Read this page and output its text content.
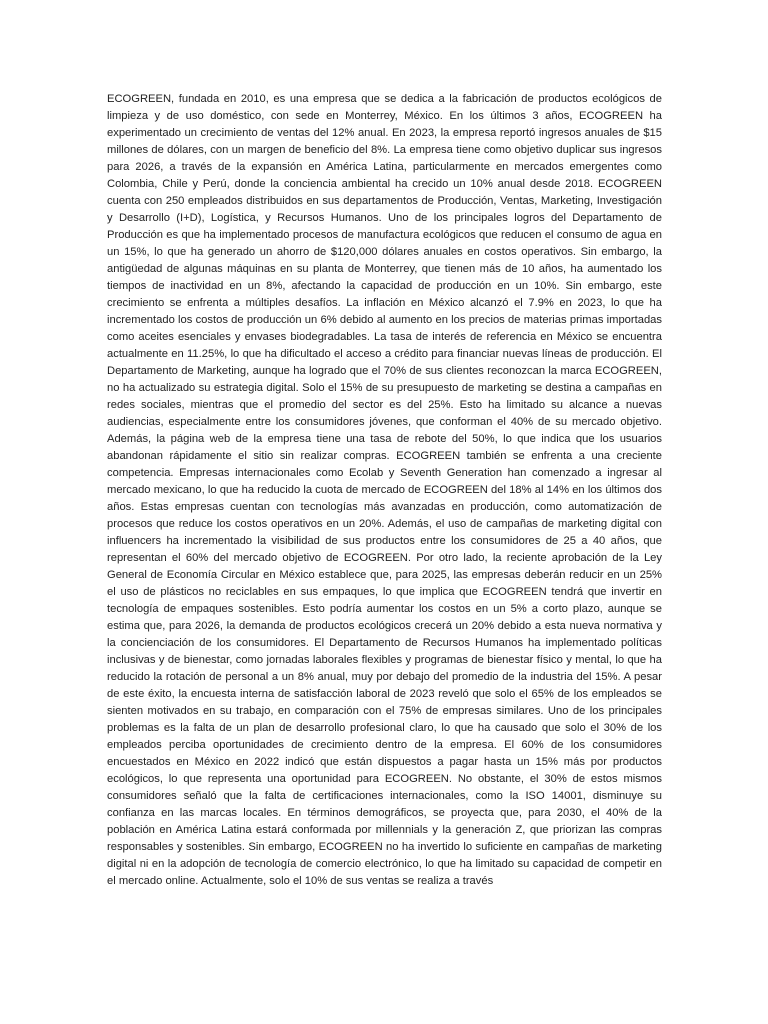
ECOGREEN, fundada en 2010, es una empresa que se dedica a la fabricación de productos ecológicos de limpieza y de uso doméstico, con sede en Monterrey, México. En los últimos 3 años, ECOGREEN ha experimentado un crecimiento de ventas del 12% anual. En 2023, la empresa reportó ingresos anuales de $15 millones de dólares, con un margen de beneficio del 8%. La empresa tiene como objetivo duplicar sus ingresos para 2026, a través de la expansión en América Latina, particularmente en mercados emergentes como Colombia, Chile y Perú, donde la conciencia ambiental ha crecido un 10% anual desde 2018. ECOGREEN cuenta con 250 empleados distribuidos en sus departamentos de Producción, Ventas, Marketing, Investigación y Desarrollo (I+D), Logística, y Recursos Humanos. Uno de los principales logros del Departamento de Producción es que ha implementado procesos de manufactura ecológicos que reducen el consumo de agua en un 15%, lo que ha generado un ahorro de $120,000 dólares anuales en costos operativos. Sin embargo, la antigüedad de algunas máquinas en su planta de Monterrey, que tienen más de 10 años, ha aumentado los tiempos de inactividad en un 8%, afectando la capacidad de producción en un 10%. Sin embargo, este crecimiento se enfrenta a múltiples desafíos. La inflación en México alcanzó el 7.9% en 2023, lo que ha incrementado los costos de producción un 6% debido al aumento en los precios de materias primas importadas como aceites esenciales y envases biodegradables. La tasa de interés de referencia en México se encuentra actualmente en 11.25%, lo que ha dificultado el acceso a crédito para financiar nuevas líneas de producción. El Departamento de Marketing, aunque ha logrado que el 70% de sus clientes reconozcan la marca ECOGREEN, no ha actualizado su estrategia digital. Solo el 15% de su presupuesto de marketing se destina a campañas en redes sociales, mientras que el promedio del sector es del 25%. Esto ha limitado su alcance a nuevas audiencias, especialmente entre los consumidores jóvenes, que conforman el 40% de su mercado objetivo. Además, la página web de la empresa tiene una tasa de rebote del 50%, lo que indica que los usuarios abandonan rápidamente el sitio sin realizar compras. ECOGREEN también se enfrenta a una creciente competencia. Empresas internacionales como Ecolab y Seventh Generation han comenzado a ingresar al mercado mexicano, lo que ha reducido la cuota de mercado de ECOGREEN del 18% al 14% en los últimos dos años. Estas empresas cuentan con tecnologías más avanzadas en producción, como automatización de procesos que reduce los costos operativos en un 20%. Además, el uso de campañas de marketing digital con influencers ha incrementado la visibilidad de sus productos entre los consumidores de 25 a 40 años, que representan el 60% del mercado objetivo de ECOGREEN. Por otro lado, la reciente aprobación de la Ley General de Economía Circular en México establece que, para 2025, las empresas deberán reducir en un 25% el uso de plásticos no reciclables en sus empaques, lo que implica que ECOGREEN tendrá que invertir en tecnología de empaques sostenibles. Esto podría aumentar los costos en un 5% a corto plazo, aunque se estima que, para 2026, la demanda de productos ecológicos crecerá un 20% debido a esta nueva normativa y la concienciación de los consumidores. El Departamento de Recursos Humanos ha implementado políticas inclusivas y de bienestar, como jornadas laborales flexibles y programas de bienestar físico y mental, lo que ha reducido la rotación de personal a un 8% anual, muy por debajo del promedio de la industria del 15%. A pesar de este éxito, la encuesta interna de satisfacción laboral de 2023 reveló que solo el 65% de los empleados se sienten motivados en su trabajo, en comparación con el 75% de empresas similares. Uno de los principales problemas es la falta de un plan de desarrollo profesional claro, lo que ha causado que solo el 30% de los empleados perciba oportunidades de crecimiento dentro de la empresa. El 60% de los consumidores encuestados en México en 2022 indicó que están dispuestos a pagar hasta un 15% más por productos ecológicos, lo que representa una oportunidad para ECOGREEN. No obstante, el 30% de estos mismos consumidores señaló que la falta de certificaciones internacionales, como la ISO 14001, disminuye su confianza en las marcas locales. En términos demográficos, se proyecta que, para 2030, el 40% de la población en América Latina estará conformada por millennials y la generación Z, que priorizan las compras responsables y sostenibles. Sin embargo, ECOGREEN no ha invertido lo suficiente en campañas de marketing digital ni en la adopción de tecnología de comercio electrónico, lo que ha limitado su capacidad de competir en el mercado online. Actualmente, solo el 10% de sus ventas se realiza a través
